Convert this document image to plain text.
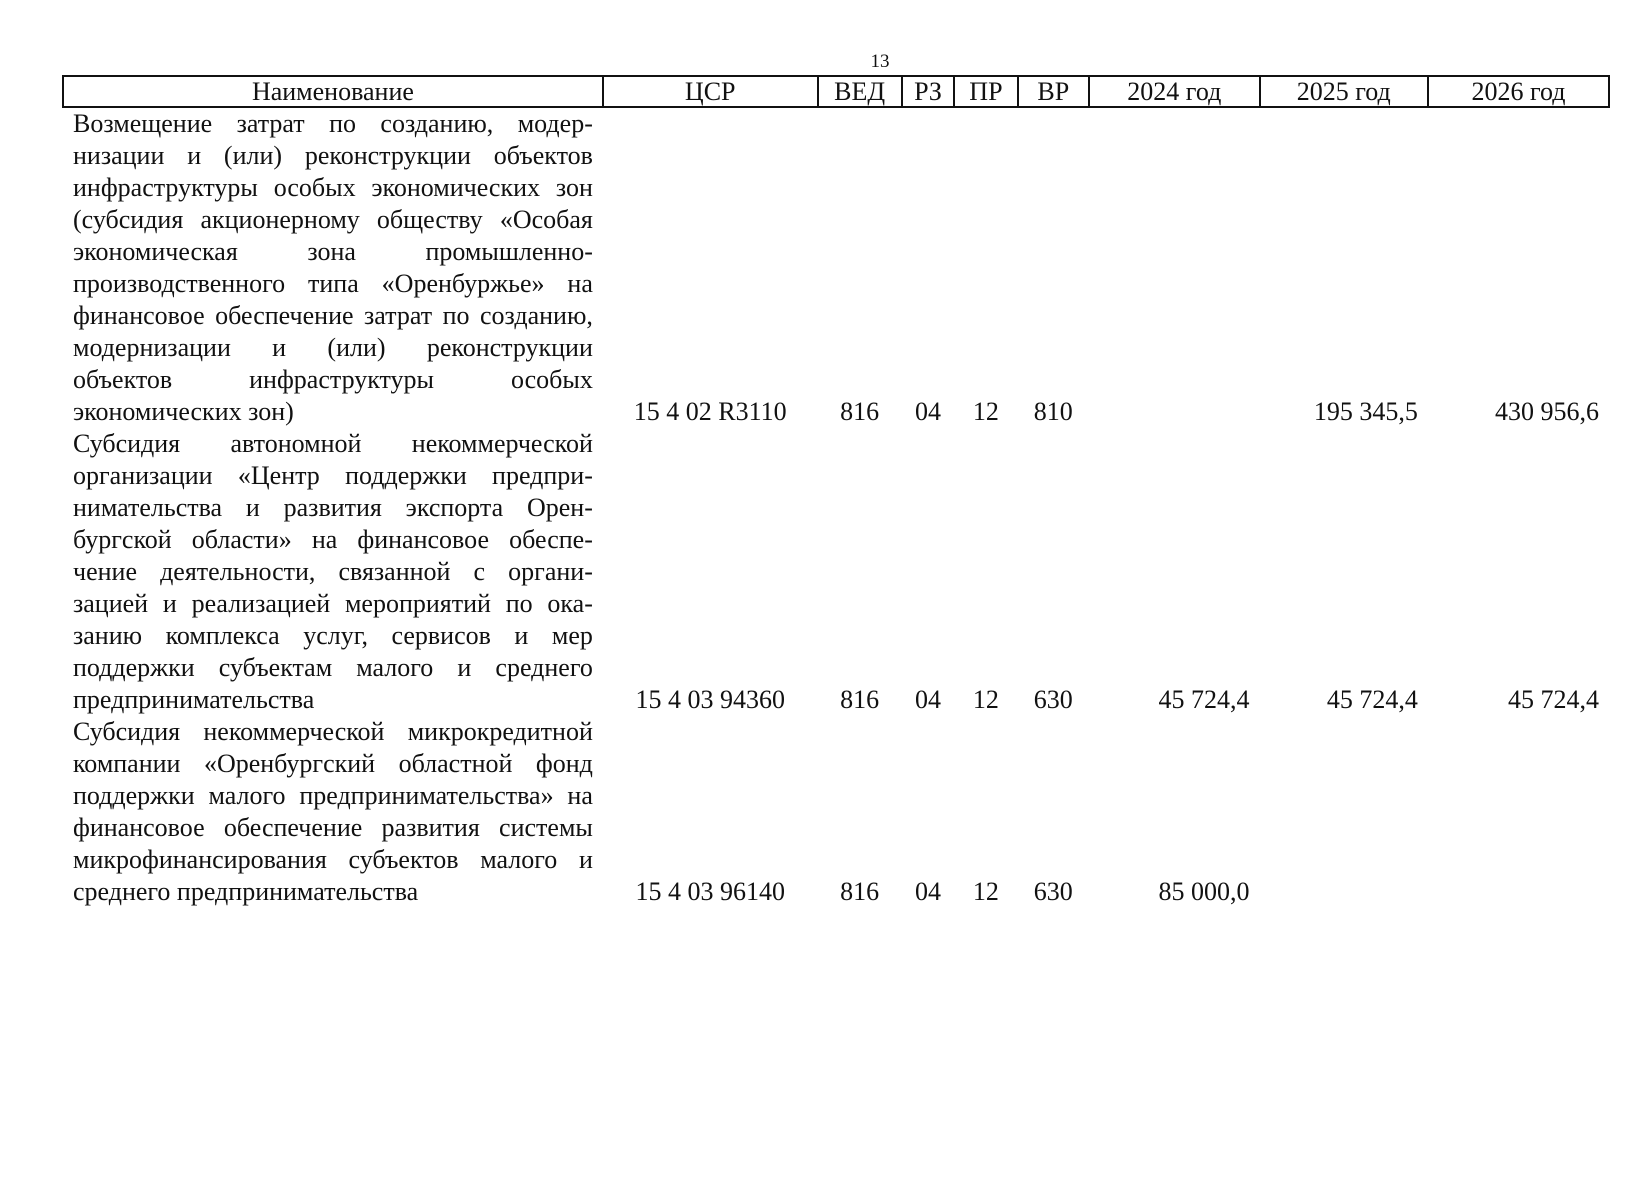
13
Наименование	ЦСР	ВЕД	РЗ	ПР	ВР	2024 год	2025 год	2026 год
Возмещение затрат по созданию, модернизации и (или) реконструкции объектов инфраструктуры особых экономических зон (субсидия акционерному обществу «Особая экономическая зона промышленно-производственного типа «Оренбуржье» на финансовое обеспечение затрат по созданию, модернизации и (или) реконструкции объектов инфраструктуры особых экономических зон)	15 4 02 R3110	816	04	12	810		195 345,5	430 956,6
Субсидия автономной некоммерческой организации «Центр поддержки предпринимательства и развития экспорта Оренбургской области» на финансовое обеспечение деятельности, связанной с организацией и реализацией мероприятий по оказанию комплекса услуг, сервисов и мер поддержки субъектам малого и среднего предпринимательства	15 4 03 94360	816	04	12	630	45 724,4	45 724,4	45 724,4
Субсидия некоммерческой микрокредитной компании «Оренбургский областной фонд поддержки малого предпринимательства» на финансовое обеспечение развития системы микрофинансирования субъектов малого и среднего предпринимательства	15 4 03 96140	816	04	12	630	85 000,0		
